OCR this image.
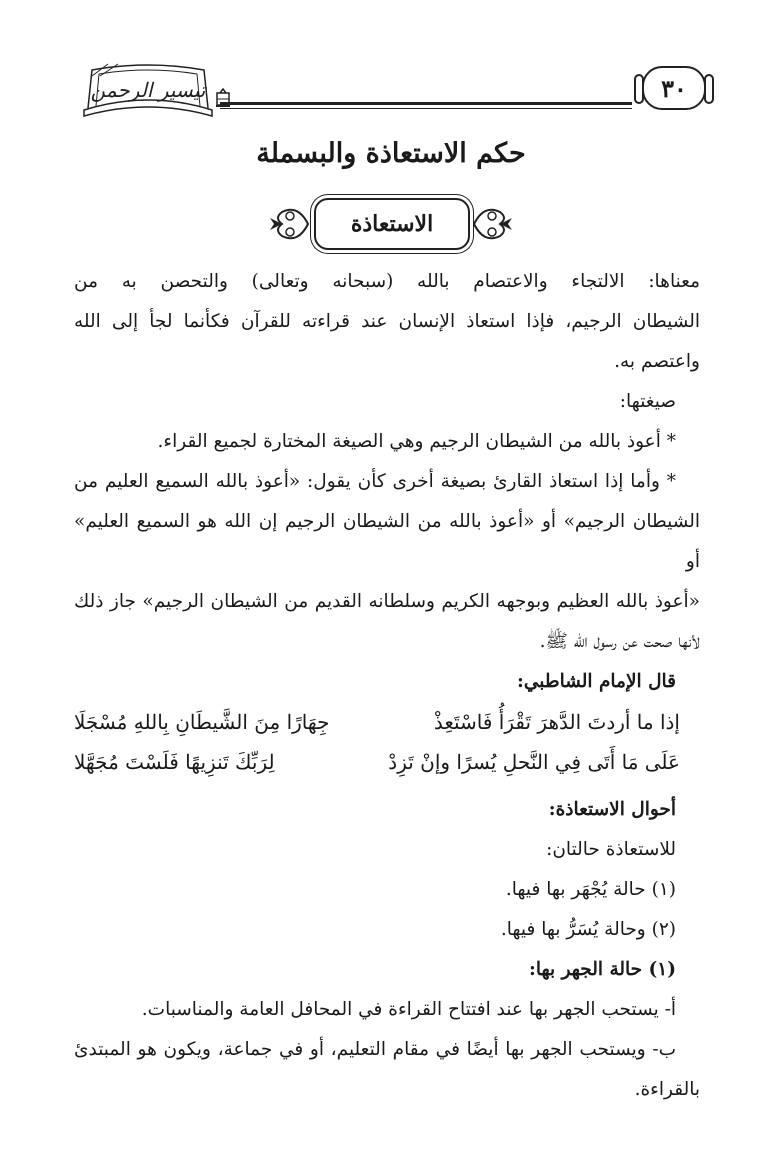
٣٠
تيسير الرحمن
حكم الاستعاذة والبسملة
الاستعاذة

معناها: الالتجاء والاعتصام بالله (سبحانه وتعالى) والتحصن به من

الشيطان الرجيم، فإذا استعاذ الإنسان عند قراءته للقرآن فكأنما لجأ إلى الله

واعتصم به.

صيغتها:

* أعوذ بالله من الشيطان الرجيم وهي الصيغة المختارة لجميع القراء.

* وأما إذا استعاذ القارئ بصيغة أخرى كأن يقول: «أعوذ بالله السميع العليم من

الشيطان الرجيم» أو «أعوذ بالله من الشيطان الرجيم إن الله هو السميع العليم» أو

«أعوذ بالله العظيم وبوجهه الكريم وسلطانه القديم من الشيطان الرجيم» جاز ذلك

لأنها صحت عن رسول الله ﷺ.

قال الإمام الشاطبي:

إذا ما أردتَ الدَّهرَ تَقْرَأُ فَاسْتَعِذْ
جِهَارًا مِنَ الشَّيطَانِ بِاللهِ مُسْجَلَا
عَلَى مَا أَتَى فِي النَّحلِ يُسرًا وإنْ تَزِدْ
لِرَبِّكَ تَنزِيهًا فَلَسْتَ مُجَهَّلا

أحوال الاستعاذة:

للاستعاذة حالتان:

(١) حالة يُجْهَر بها فيها.

(٢) وحالة يُسَرُّ بها فيها.

(١) حالة الجهر بها:

أ- يستحب الجهر بها عند افتتاح القراءة في المحافل العامة والمناسبات.

ب- ويستحب الجهر بها أيضًا في مقام التعليم، أو في جماعة، ويكون هو المبتدئ

بالقراءة.
